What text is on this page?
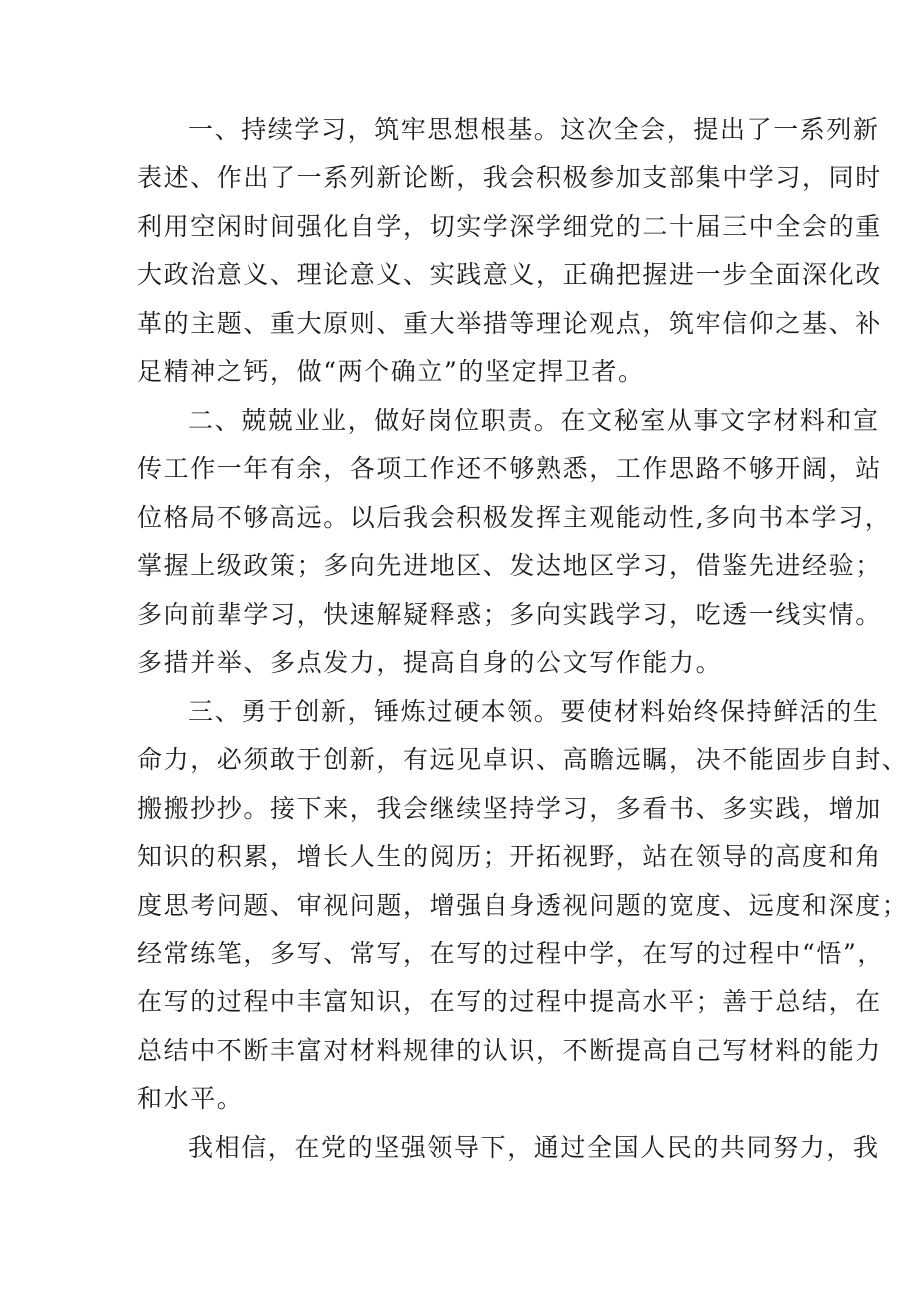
一、持续学习，筑牢思想根基。这次全会，提出了一系列新
表述、作出了一系列新论断，我会积极参加支部集中学习，同时
利用空闲时间强化自学，切实学深学细党的二十届三中全会的重
大政治意义、理论意义、实践意义，正确把握进一步全面深化改
革的主题、重大原则、重大举措等理论观点，筑牢信仰之基、补
足精神之钙，做“两个确立”的坚定捍卫者。

二、兢兢业业，做好岗位职责。在文秘室从事文字材料和宣
传工作一年有余，各项工作还不够熟悉，工作思路不够开阔，站
位格局不够高远。以后我会积极发挥主观能动性,多向书本学习，
掌握上级政策；多向先进地区、发达地区学习，借鉴先进经验；
多向前辈学习，快速解疑释惑；多向实践学习，吃透一线实情。
多措并举、多点发力，提高自身的公文写作能力。

三、勇于创新，锤炼过硬本领。要使材料始终保持鲜活的生
命力，必须敢于创新，有远见卓识、高瞻远瞩，决不能固步自封、
搬搬抄抄。接下来，我会继续坚持学习，多看书、多实践，增加
知识的积累，增长人生的阅历；开拓视野，站在领导的高度和角
度思考问题、审视问题，增强自身透视问题的宽度、远度和深度；
经常练笔，多写、常写，在写的过程中学，在写的过程中“悟”，
在写的过程中丰富知识，在写的过程中提高水平；善于总结，在
总结中不断丰富对材料规律的认识，不断提高自己写材料的能力
和水平。

我相信，在党的坚强领导下，通过全国人民的共同努力，我
